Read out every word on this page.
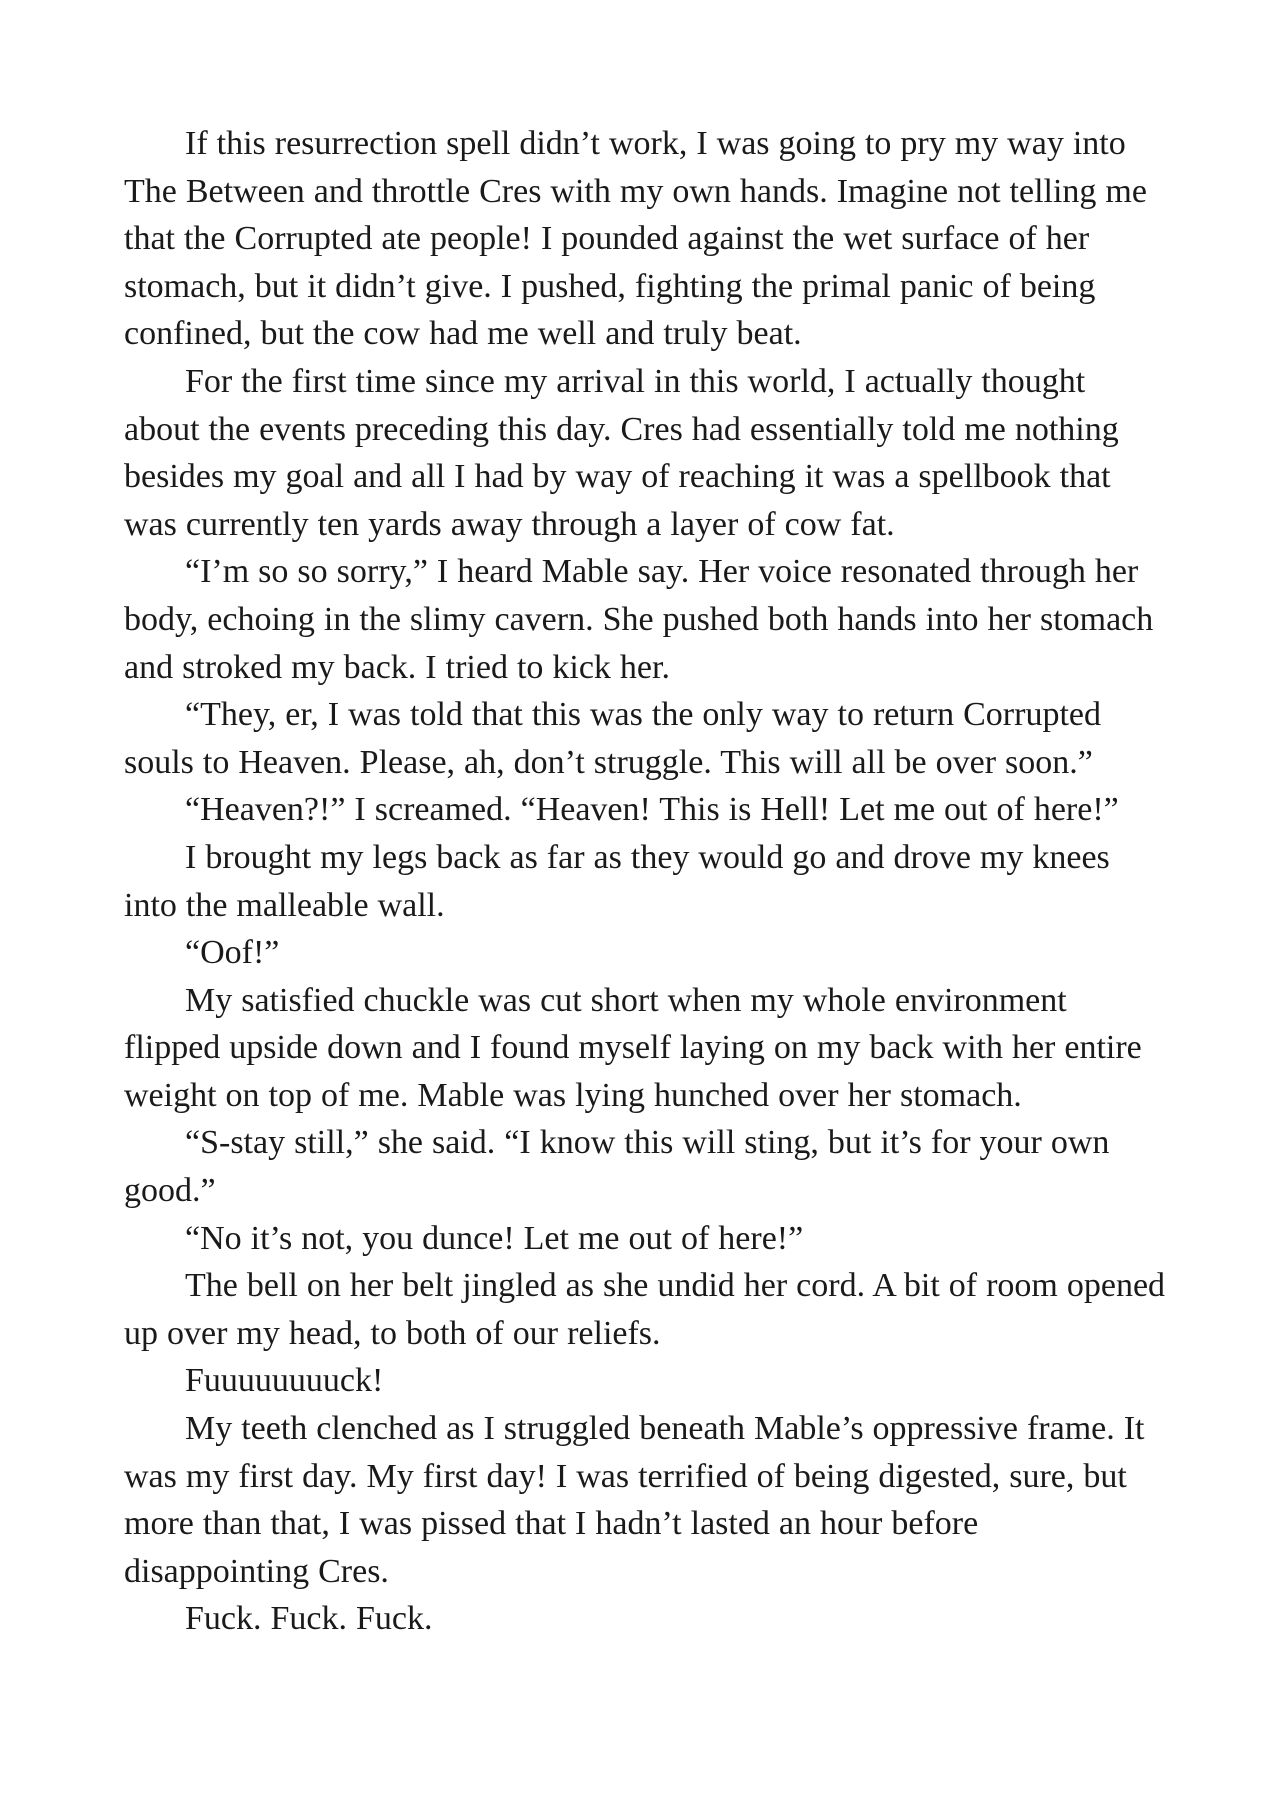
If this resurrection spell didn’t work, I was going to pry my way into The Between and throttle Cres with my own hands. Imagine not telling me that the Corrupted ate people! I pounded against the wet surface of her stomach, but it didn’t give. I pushed, fighting the primal panic of being confined, but the cow had me well and truly beat.

For the first time since my arrival in this world, I actually thought about the events preceding this day. Cres had essentially told me nothing besides my goal and all I had by way of reaching it was a spellbook that was currently ten yards away through a layer of cow fat.

“I’m so so sorry,” I heard Mable say. Her voice resonated through her body, echoing in the slimy cavern. She pushed both hands into her stomach and stroked my back. I tried to kick her.

“They, er, I was told that this was the only way to return Corrupted souls to Heaven. Please, ah, don’t struggle. This will all be over soon.”

“Heaven?!” I screamed. “Heaven! This is Hell! Let me out of here!”

I brought my legs back as far as they would go and drove my knees into the malleable wall.

“Oof!”

My satisfied chuckle was cut short when my whole environment flipped upside down and I found myself laying on my back with her entire weight on top of me. Mable was lying hunched over her stomach.

“S-stay still,” she said. “I know this will sting, but it’s for your own good.”

“No it’s not, you dunce! Let me out of here!”

The bell on her belt jingled as she undid her cord. A bit of room opened up over my head, to both of our reliefs.

Fuuuuuuuuck!

My teeth clenched as I struggled beneath Mable’s oppressive frame. It was my first day. My first day! I was terrified of being digested, sure, but more than that, I was pissed that I hadn’t lasted an hour before disappointing Cres.

Fuck. Fuck. Fuck.
